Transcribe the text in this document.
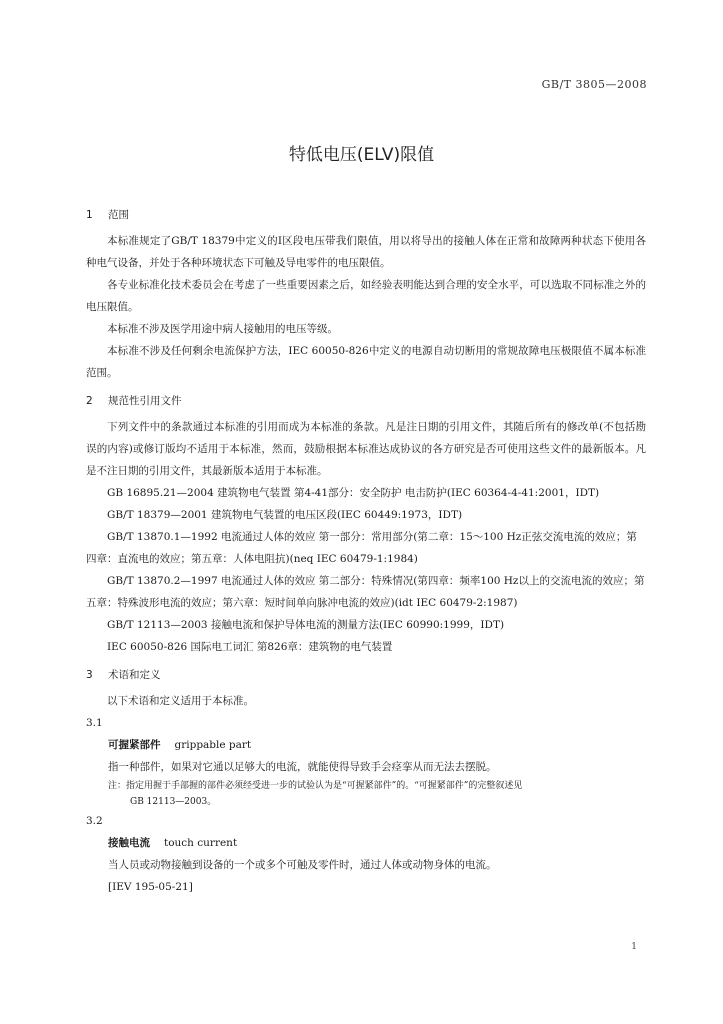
GB/T 3805—2008
特低电压(ELV)限值
1 范围

本标准规定了GB/T 18379中定义的Ⅰ区段电压带我们限值，用以将导出的接触人体在正常和故障两种状态下使用各种电气设备，并处于各种环境状态下可触及导电零件的电压限值。

各专业标准化技术委员会在考虑了一些重要因素之后，如经验表明能达到合理的安全水平，可以选取不同标准之外的电压限值。

本标准不涉及医学用途中病人接触用的电压等级。

本标准不涉及任何剩余电流保护方法，IEC 60050-826中定义的电源自动切断用的常规故障电压极限值不属本标准范围。

2 规范性引用文件

下列文件中的条款通过本标准的引用而成为本标准的条款。凡是注日期的引用文件，其随后所有的修改单(不包括勘误的内容)或修订版均不适用于本标准，然而，鼓励根据本标准达成协议的各方研究是否可使用这些文件的最新版本。凡是不注日期的引用文件，其最新版本适用于本标准。

GB 16895.21—2004 建筑物电气装置 第4-41部分：安全防护 电击防护(IEC 60364-4-41:2001，IDT)

GB/T 18379—2001 建筑物电气装置的电压区段(IEC 60449:1973，IDT)

GB/T 13870.1—1992 电流通过人体的效应 第一部分：常用部分(第二章：15～100 Hz正弦交流电流的效应；第四章：直流电的效应；第五章：人体电阻抗)(neq IEC 60479-1:1984)

GB/T 13870.2—1997 电流通过人体的效应 第二部分：特殊情况(第四章：频率100 Hz以上的交流电流的效应；第五章：特殊波形电流的效应；第六章：短时间单向脉冲电流的效应)(idt IEC 60479-2:1987)

GB/T 12113—2003 接触电流和保护导体电流的测量方法(IEC 60990:1999，IDT)

IEC 60050-826 国际电工词汇 第826章：建筑物的电气装置

3 术语和定义

以下术语和定义适用于本标准。

3.1

可握紧部件 grippable part

指一种部件，如果对它通以足够大的电流，就能使得导致手会痉挛从而无法去摆脱。

注：指定用握于手部握的部件必须经受进一步的试验认为是“可握紧部件”的。“可握紧部件”的完整叙述见

GB 12113—2003。

3.2

接触电流 touch current

当人员或动物接触到设备的一个或多个可触及零件时，通过人体或动物身体的电流。

[IEV 195-05-21]

1
